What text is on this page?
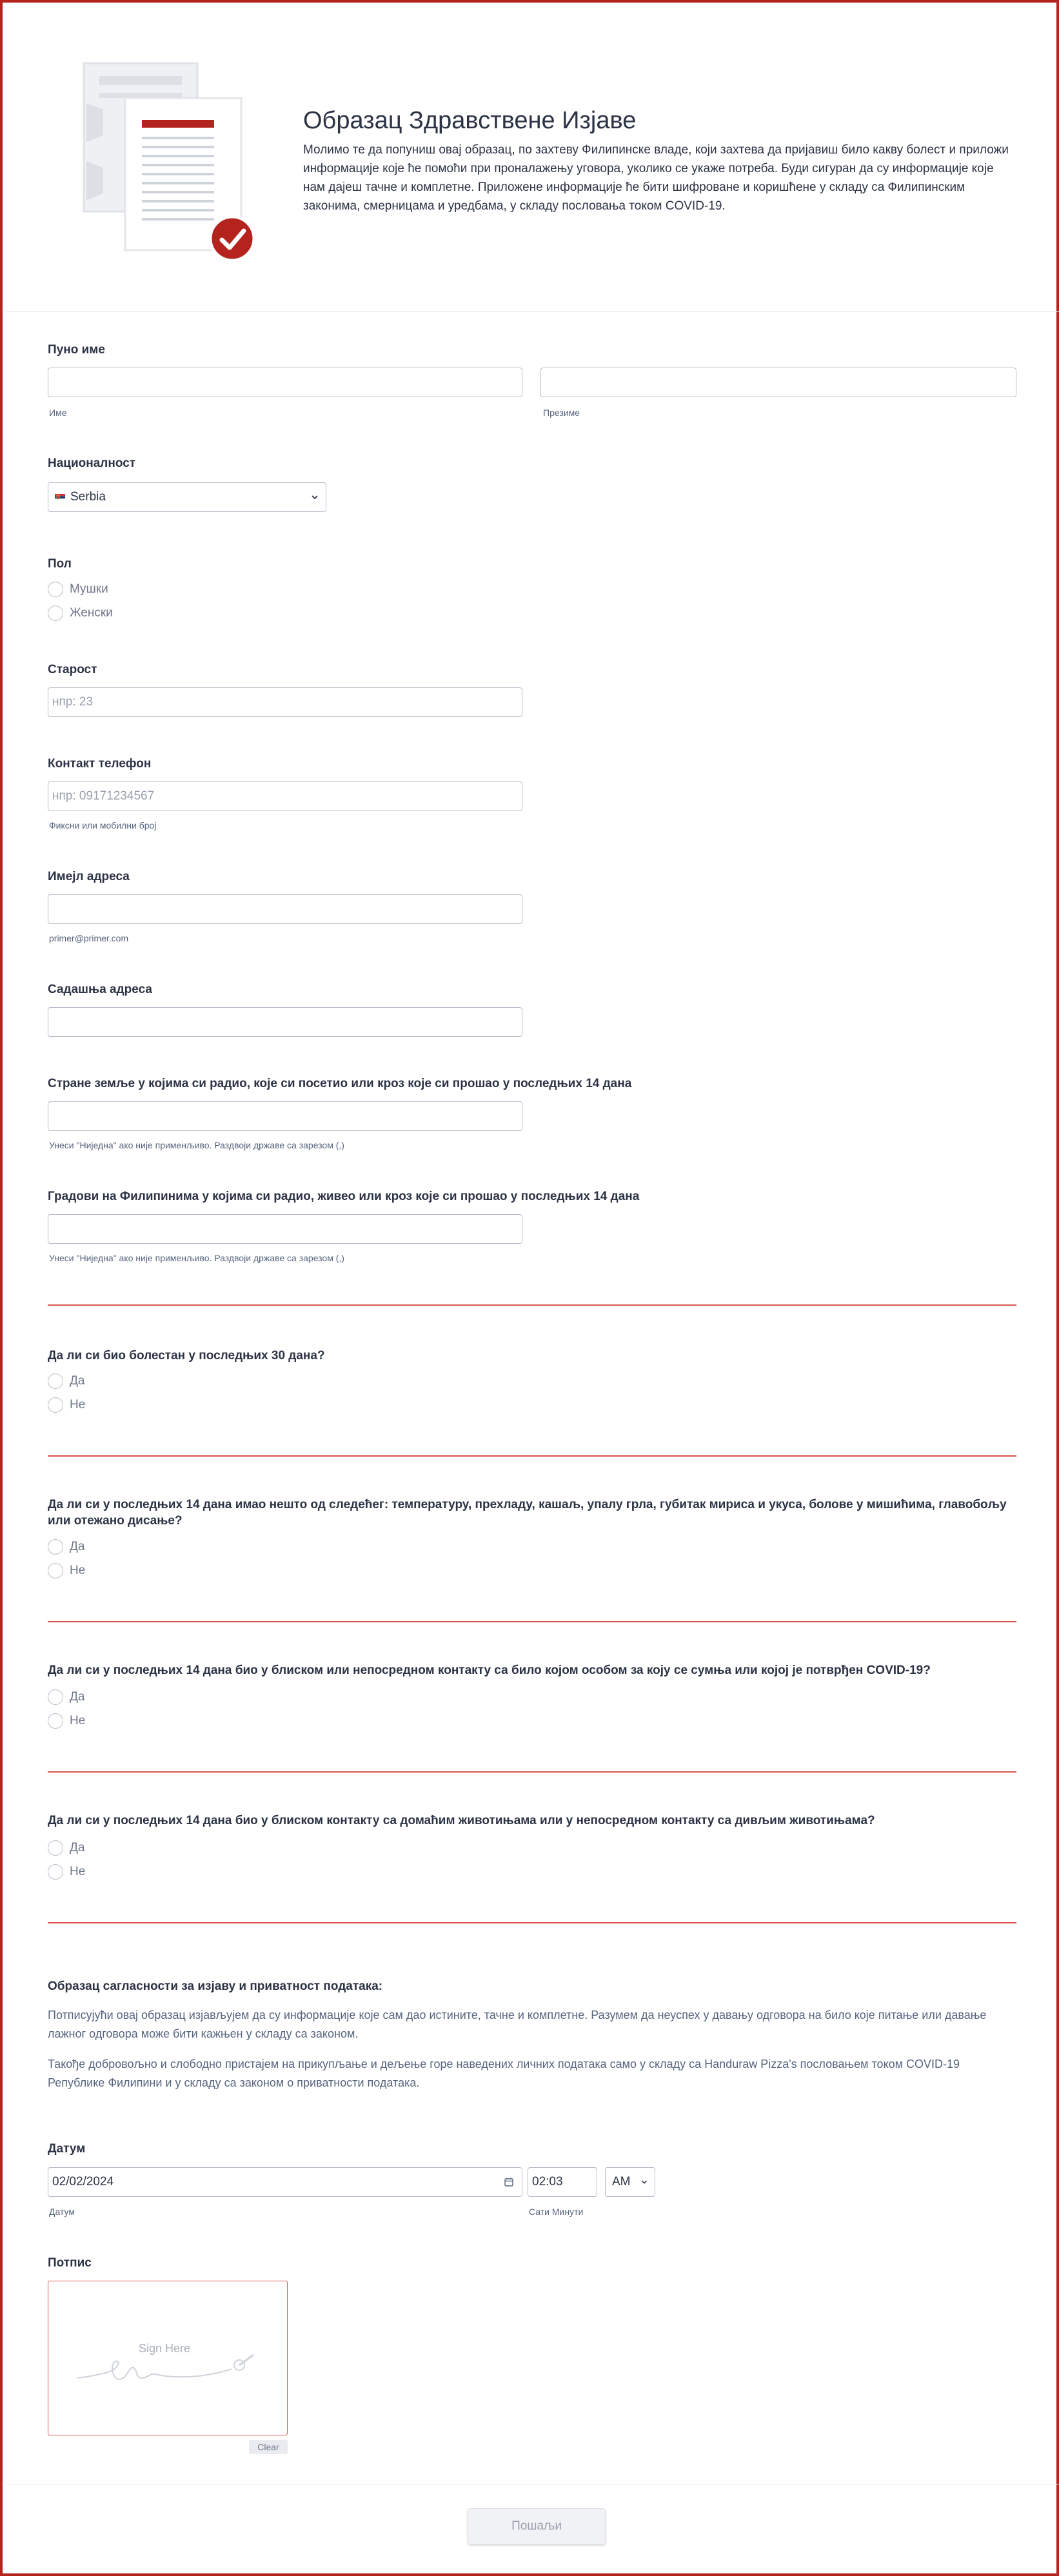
Образац Здравствене Изјаве

Молимо те да попуниш овај образац, по захтеву Филипинске владе, који захтева да пријавиш било какву болест и приложи информације које ће помоћи при проналажењу уговора, уколико се укаже потреба. Буди сигуран да су информације које нам дајеш тачне и комплетне. Приложене информације ће бити шифроване и коришћене у складу са Филипинским законима, смерницама и уредбама, у складу пословања током COVID-19.

Пуно име
Име	Презиме
Националност
Serbia
Пол
Мушки
Женски
Старост
нпр: 23
Контакт телефон
нпр: 09171234567
Фиксни или мобилни број
Имејл адреса
primer@primer.com
Садашња адреса
Стране земље у којима си радио, које си посетио или кроз које си прошао у последњих 14 дана
Унеси "Ниједна" ако није применљиво. Раздвоји државе са зарезом (,)
Градови на Филипинима у којима си радио, живео или кроз које си прошао у последњих 14 дана
Унеси "Ниједна" ако није применљиво. Раздвоји државе са зарезом (,)
Да ли си био болестан у последњих 30 дана?
Да
Не
Да ли си у последњих 14 дана имао нешто од следећег: температуру, прехладу, кашаљ, упалу грла, губитак мириса и укуса, болове у мишићима, главобољу или отежано дисање?
Да
Не
Да ли си у последњих 14 дана био у блиском или непосредном контакту са било којом особом за коју се сумња или којој је потврђен COVID-19?
Да
Не
Да ли си у последњих 14 дана био у блиском контакту са домаћим животињама или у непосредном контакту са дивљим животињама?
Да
Не
Образац сагласности за изјаву и приватност података:

Потписујући овај образац изјављујем да су информације које сам дао истините, тачне и комплетне. Разумем да неуспех у давању одговора на било које питање или давање лажног одговора може бити кажњен у складу са законом.

Такође добровољно и слободно пристајем на прикупљање и дељење горе наведених личних података само у складу са Handuraw Pizza's пословањем током COVID-19 Републике Филипини и у складу са законом о приватности података.

Датум
02/02/2024
Датум
02:03
Сати Минути
AM
Потпис
Sign Here
Clear
Пошаљи
